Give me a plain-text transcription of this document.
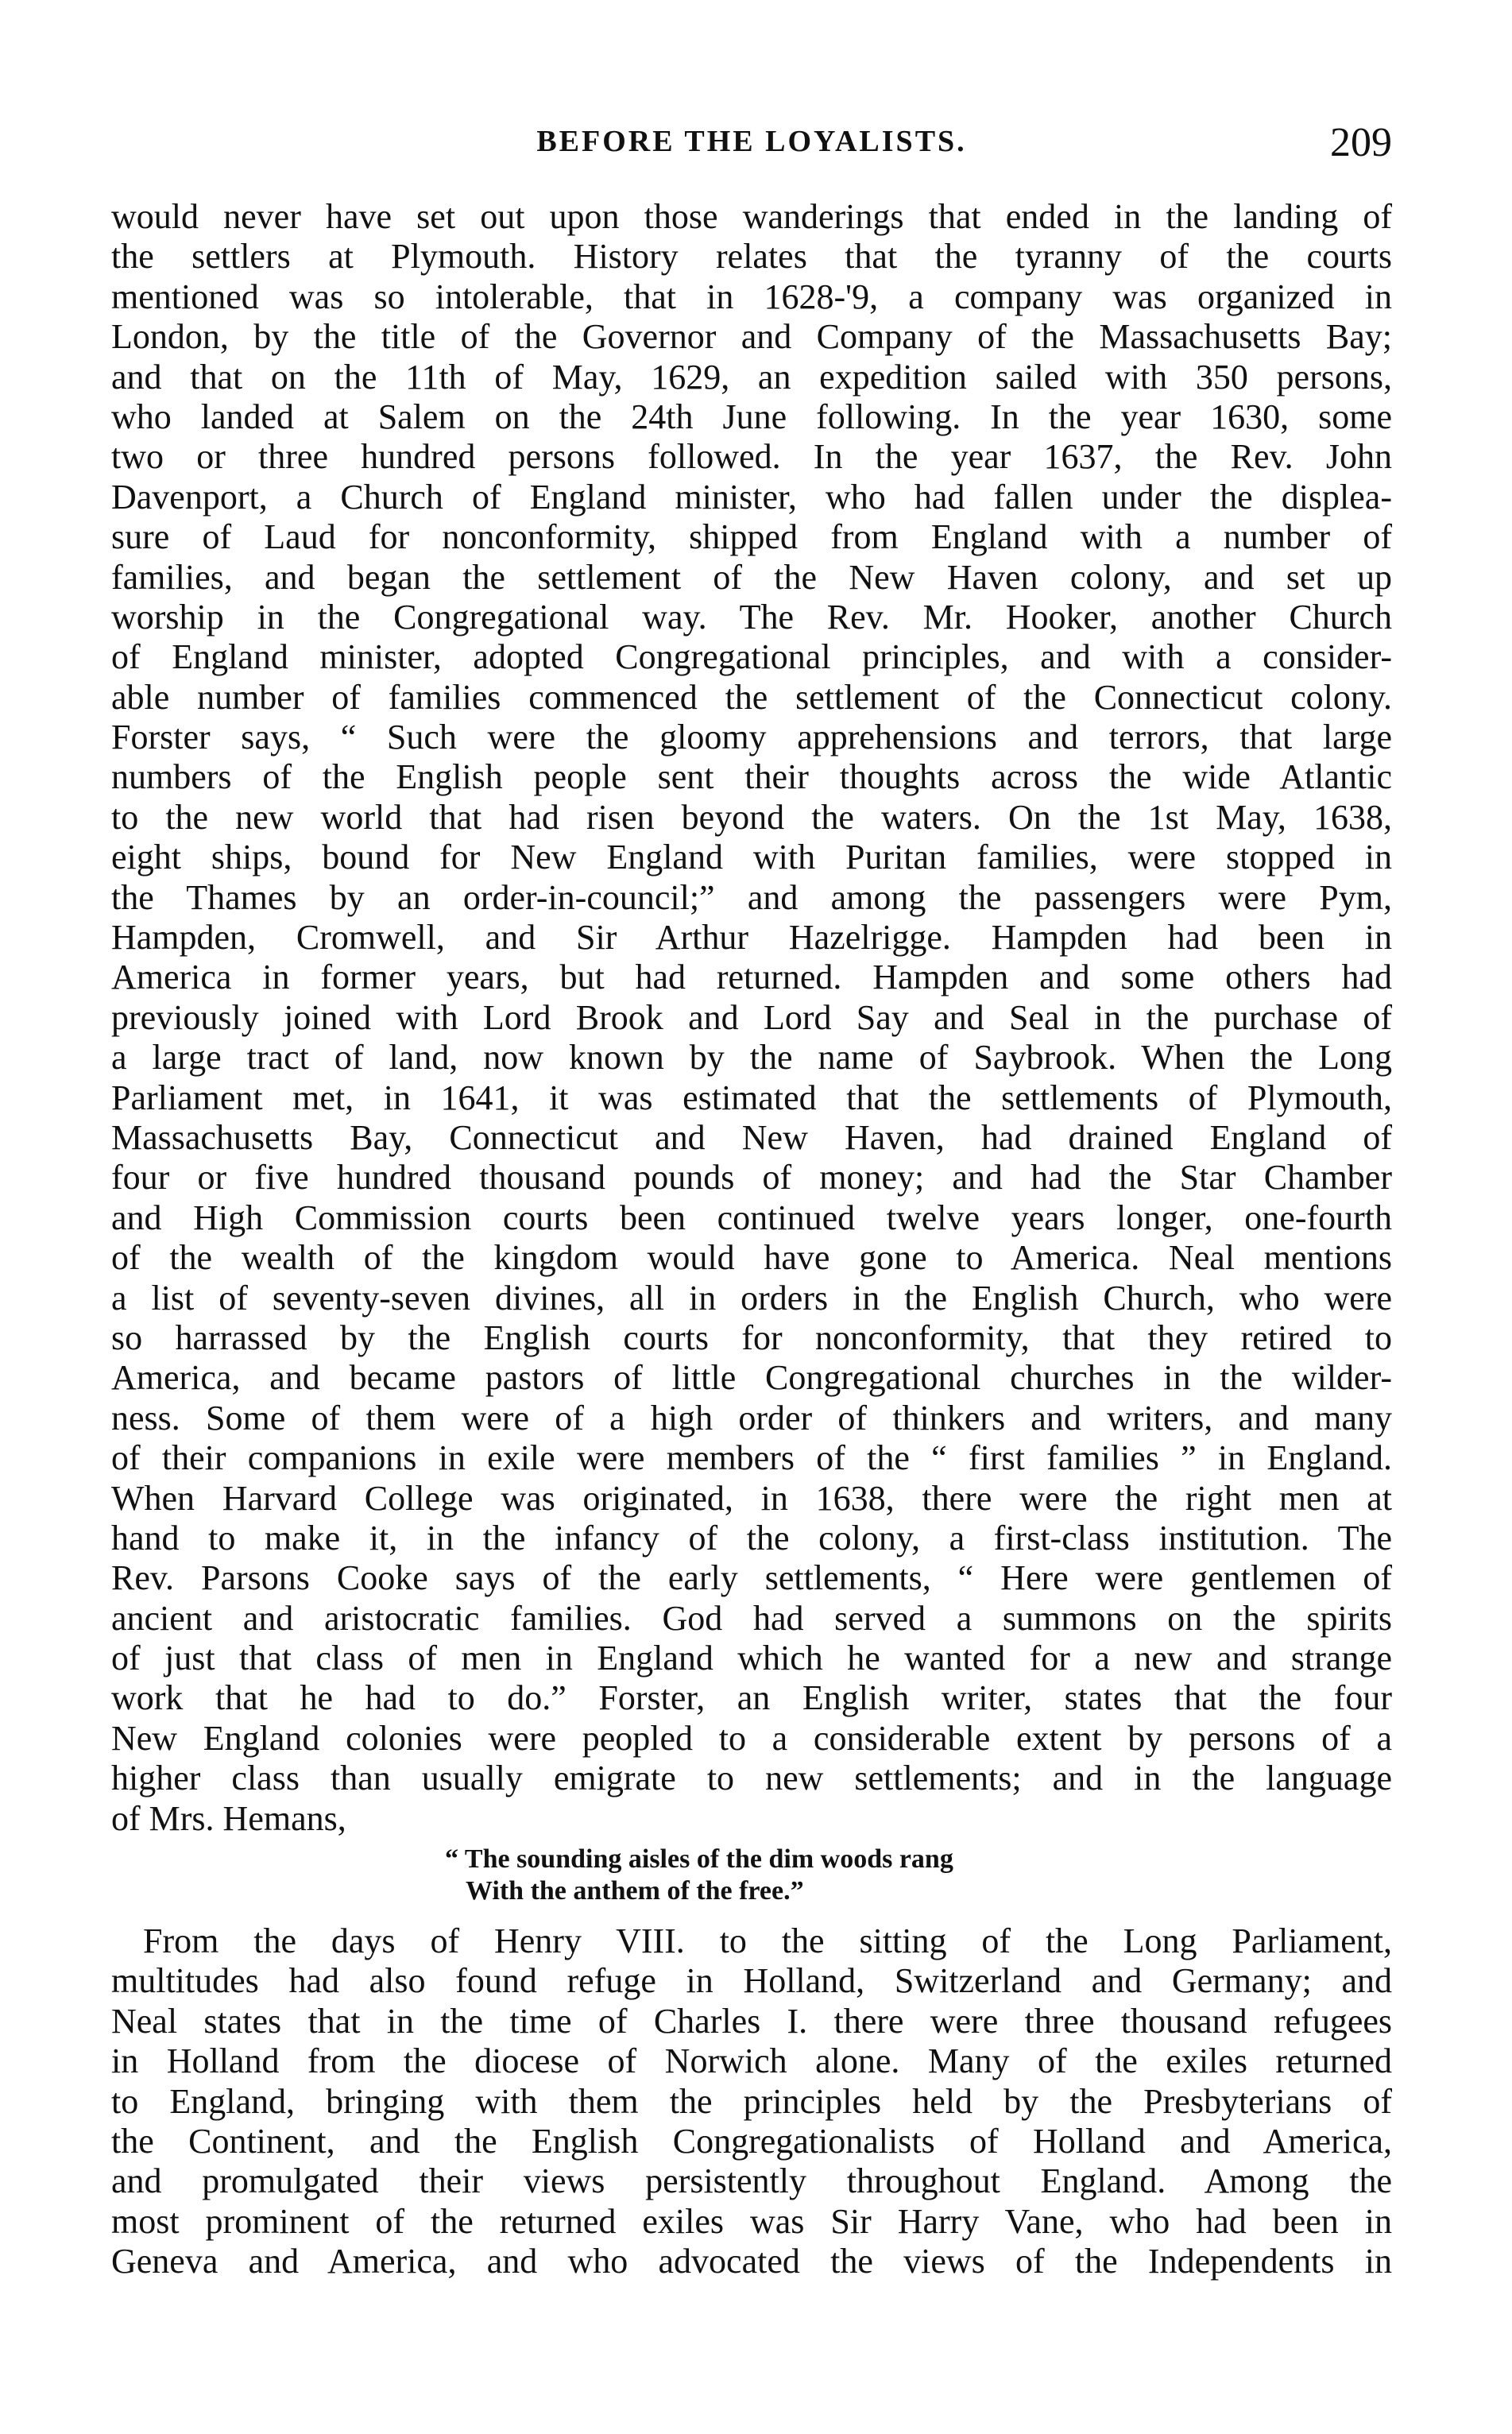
BEFORE THE LOYALISTS.	209

would never have set out upon those wanderings that ended in the landing of
the settlers at Plymouth. History relates that the tyranny of the courts
mentioned was so intolerable, that in 1628-'9, a company was organized in
London, by the title of the Governor and Company of the Massachusetts Bay;
and that on the 11th of May, 1629, an expedition sailed with 350 persons,
who landed at Salem on the 24th June following. In the year 1630, some
two or three hundred persons followed. In the year 1637, the Rev. John
Davenport, a Church of England minister, who had fallen under the displea-
sure of Laud for nonconformity, shipped from England with a number of
families, and began the settlement of the New Haven colony, and set up
worship in the Congregational way. The Rev. Mr. Hooker, another Church
of England minister, adopted Congregational principles, and with a consider-
able number of families commenced the settlement of the Connecticut colony.
Forster says, “ Such were the gloomy apprehensions and terrors, that large
numbers of the English people sent their thoughts across the wide Atlantic
to the new world that had risen beyond the waters. On the 1st May, 1638,
eight ships, bound for New England with Puritan families, were stopped in
the Thames by an order-in-council;” and among the passengers were Pym,
Hampden, Cromwell, and Sir Arthur Hazelrigge. Hampden had been in
America in former years, but had returned. Hampden and some others had
previously joined with Lord Brook and Lord Say and Seal in the purchase of
a large tract of land, now known by the name of Saybrook. When the Long
Parliament met, in 1641, it was estimated that the settlements of Plymouth,
Massachusetts Bay, Connecticut and New Haven, had drained England of
four or five hundred thousand pounds of money; and had the Star Chamber
and High Commission courts been continued twelve years longer, one-fourth
of the wealth of the kingdom would have gone to America. Neal mentions
a list of seventy-seven divines, all in orders in the English Church, who were
so harrassed by the English courts for nonconformity, that they retired to
America, and became pastors of little Congregational churches in the wilder-
ness. Some of them were of a high order of thinkers and writers, and many
of their companions in exile were members of the “ first families ” in England.
When Harvard College was originated, in 1638, there were the right men at
hand to make it, in the infancy of the colony, a first-class institution. The
Rev. Parsons Cooke says of the early settlements, “ Here were gentlemen of
ancient and aristocratic families. God had served a summons on the spirits
of just that class of men in England which he wanted for a new and strange
work that he had to do.” Forster, an English writer, states that the four
New England colonies were peopled to a considerable extent by persons of a
higher class than usually emigrate to new settlements; and in the language
of Mrs. Hemans,

“ The sounding aisles of the dim woods rang
With the anthem of the free.”

From the days of Henry VIII. to the sitting of the Long Parliament,
multitudes had also found refuge in Holland, Switzerland and Germany; and
Neal states that in the time of Charles I. there were three thousand refugees
in Holland from the diocese of Norwich alone. Many of the exiles returned
to England, bringing with them the principles held by the Presbyterians of
the Continent, and the English Congregationalists of Holland and America,
and promulgated their views persistently throughout England. Among the
most prominent of the returned exiles was Sir Harry Vane, who had been in
Geneva and America, and who advocated the views of the Independents in
